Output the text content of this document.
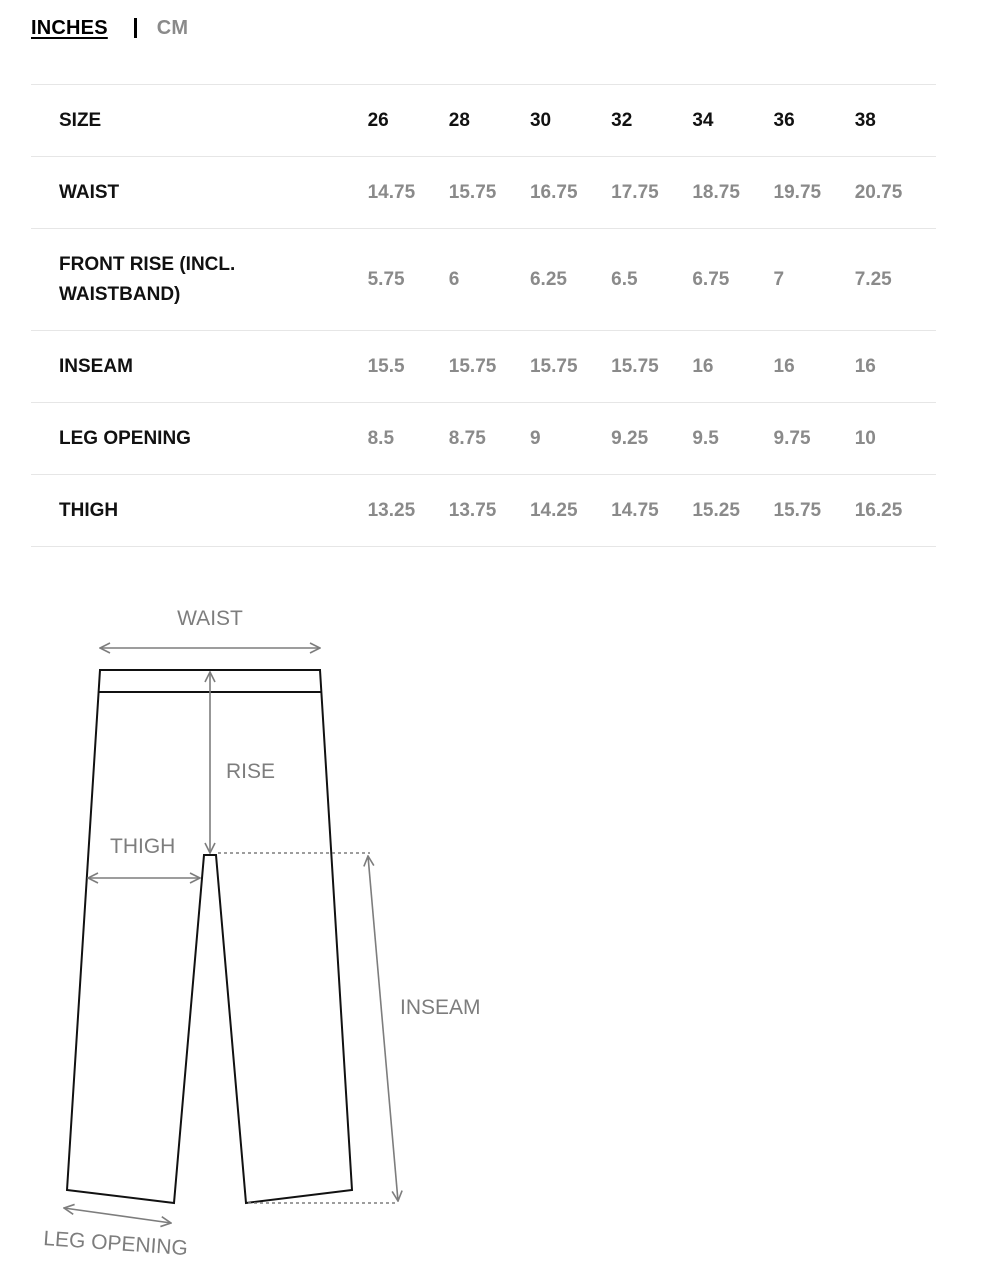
INCHES CM
SIZE	26	28	30	32	34	36	38
WAIST	14.75	15.75	16.75	17.75	18.75	19.75	20.75
FRONT RISE (INCL. WAISTBAND)	5.75	6	6.25	6.5	6.75	7	7.25
INSEAM	15.5	15.75	15.75	15.75	16	16	16
LEG OPENING	8.5	8.75	9	9.25	9.5	9.75	10
THIGH	13.25	13.75	14.25	14.75	15.25	15.75	16.25
WAIST
RISE
THIGH
INSEAM
LEG OPENING
